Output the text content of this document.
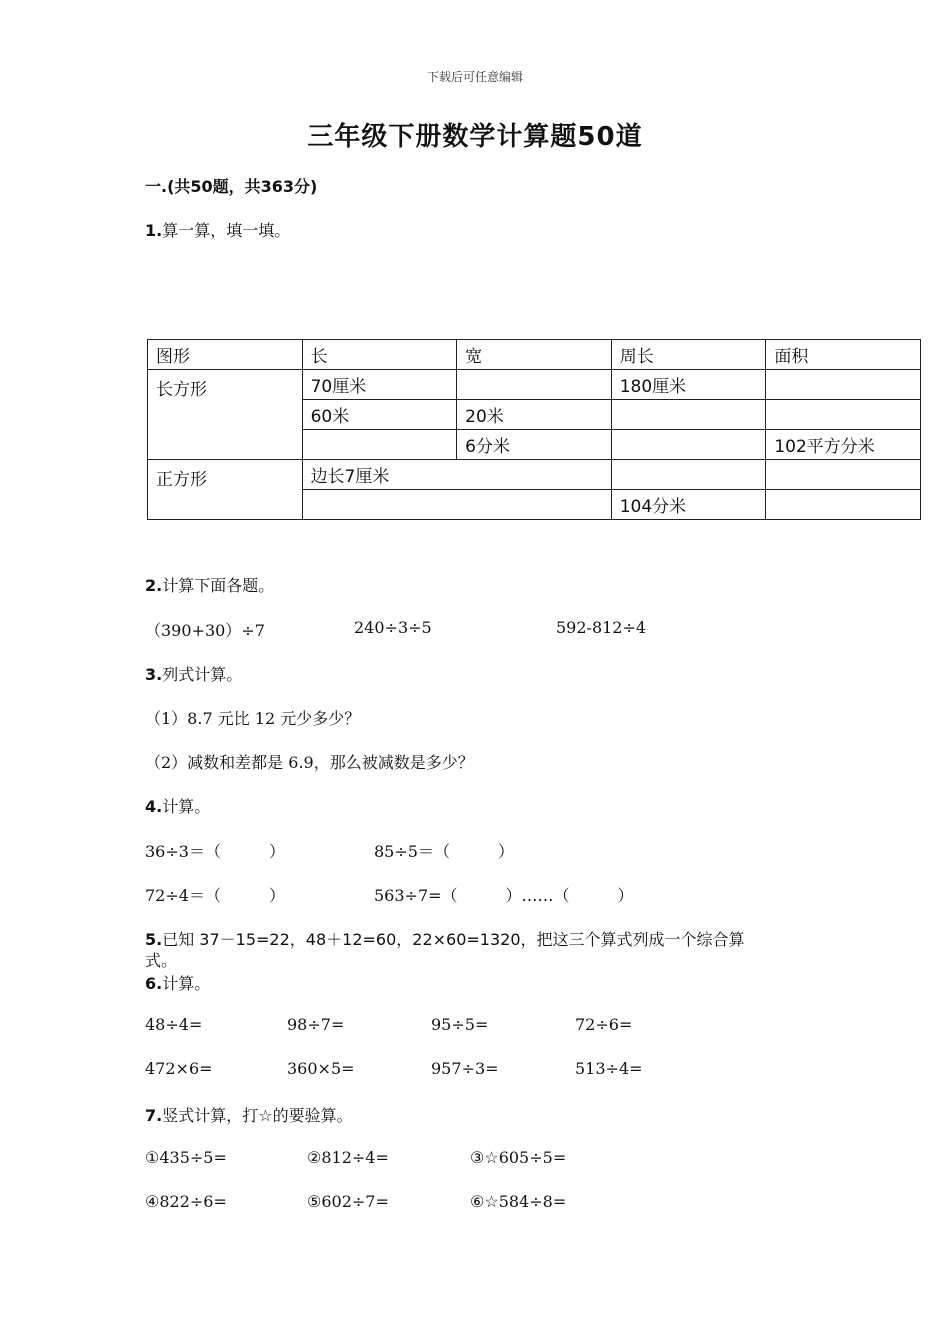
下载后可任意编辑
三年级下册数学计算题50道
一.(共50题，共363分)
1.算一算，填一填。
图形	长	宽	周长	面积
长方形	70厘米		180厘米	
	60米	20米		
		6分米		102平方分米
正方形	边长7厘米			
			104分米	
2.计算下面各题。
（390+30）÷7	240÷3÷5	592-812÷4
3.列式计算。
（1）8.7 元比 12 元少多少？
（2）减数和差都是 6.9，那么被减数是多少？
4.计算。
36÷3＝（　　　）	85÷5＝（　　　）
72÷4＝（　　　）	563÷7=（　　　）……（　　　）
5.已知 37－15=22，48＋12=60，22×60=1320，把这三个算式列成一个综合算
式。
6.计算。
48÷4=	98÷7=	95÷5=	72÷6=
472×6=	360×5=	957÷3=	513÷4=
7.竖式计算，打☆的要验算。
①435÷5=	②812÷4=	③☆605÷5=
④822÷6=	⑤602÷7=	⑥☆584÷8=
